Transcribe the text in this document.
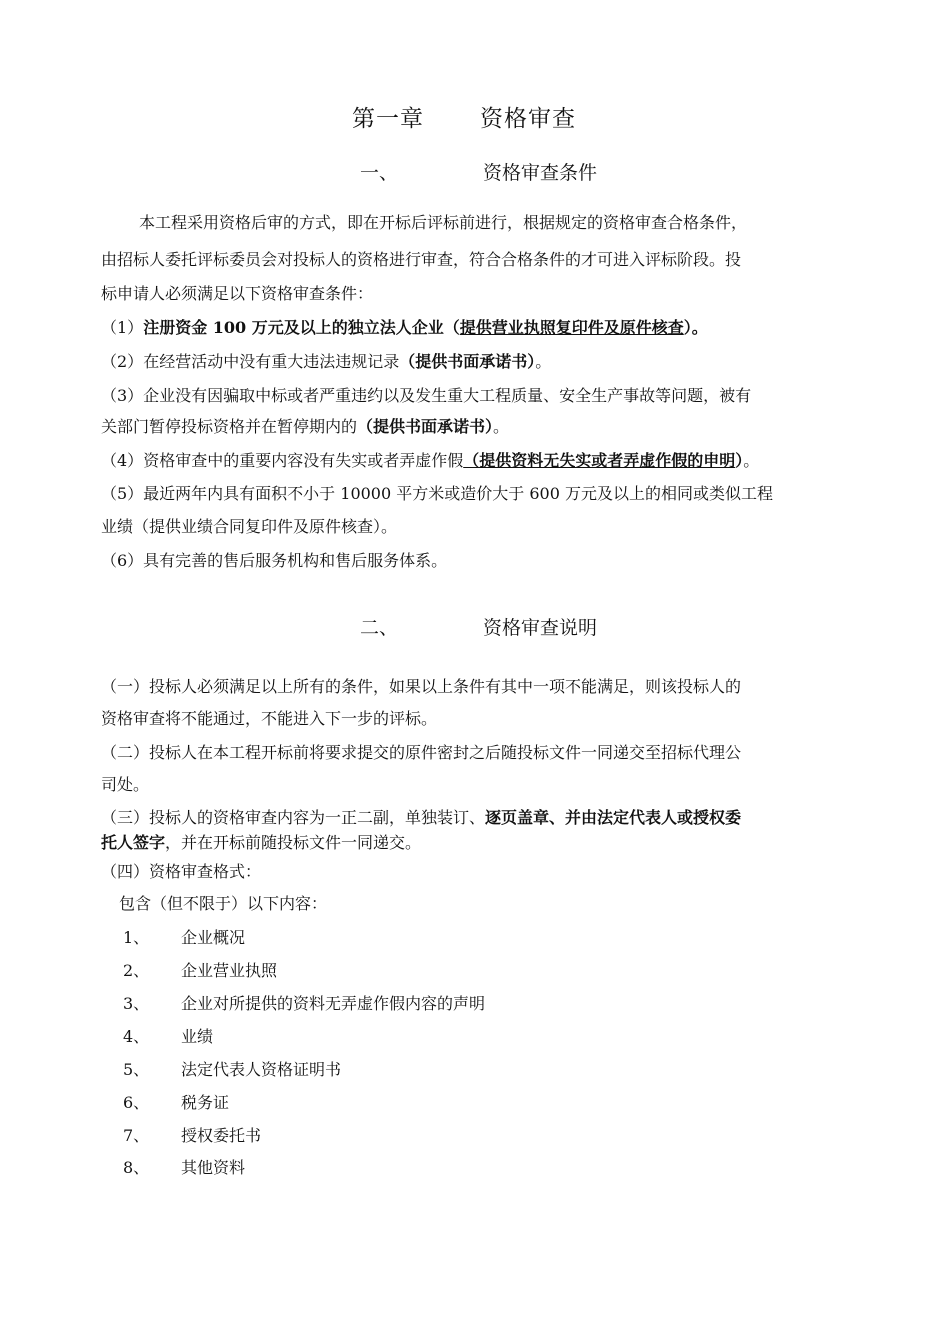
第一章 资格审查
一、	资格审查条件
本工程采用资格后审的方式，即在开标后评标前进行，根据规定的资格审查合格条件，
由招标人委托评标委员会对投标人的资格进行审查，符合合格条件的才可进入评标阶段。投
标申请人必须满足以下资格审查条件：
（1）注册资金 100 万元及以上的独立法人企业（提供营业执照复印件及原件核查）。
（2）在经营活动中没有重大违法违规记录（提供书面承诺书）。
（3）企业没有因骗取中标或者严重违约以及发生重大工程质量、安全生产事故等问题，被有
关部门暂停投标资格并在暂停期内的（提供书面承诺书）。
（4）资格审查中的重要内容没有失实或者弄虚作假（提供资料无失实或者弄虚作假的申明）。
（5）最近两年内具有面积不小于 10000 平方米或造价大于 600 万元及以上的相同或类似工程
业绩（提供业绩合同复印件及原件核查）。
（6）具有完善的售后服务机构和售后服务体系。
二、	资格审查说明
（一）投标人必须满足以上所有的条件，如果以上条件有其中一项不能满足，则该投标人的
资格审查将不能通过，不能进入下一步的评标。
（二）投标人在本工程开标前将要求提交的原件密封之后随投标文件一同递交至招标代理公
司处。
（三）投标人的资格审查内容为一正二副，单独装订、逐页盖章、并由法定代表人或授权委
托人签字，并在开标前随投标文件一同递交。
（四）资格审查格式：
包含（但不限于）以下内容：
1、 企业概况
2、 企业营业执照
3、 企业对所提供的资料无弄虚作假内容的声明
4、 业绩
5、 法定代表人资格证明书
6、 税务证
7、 授权委托书
8、 其他资料
